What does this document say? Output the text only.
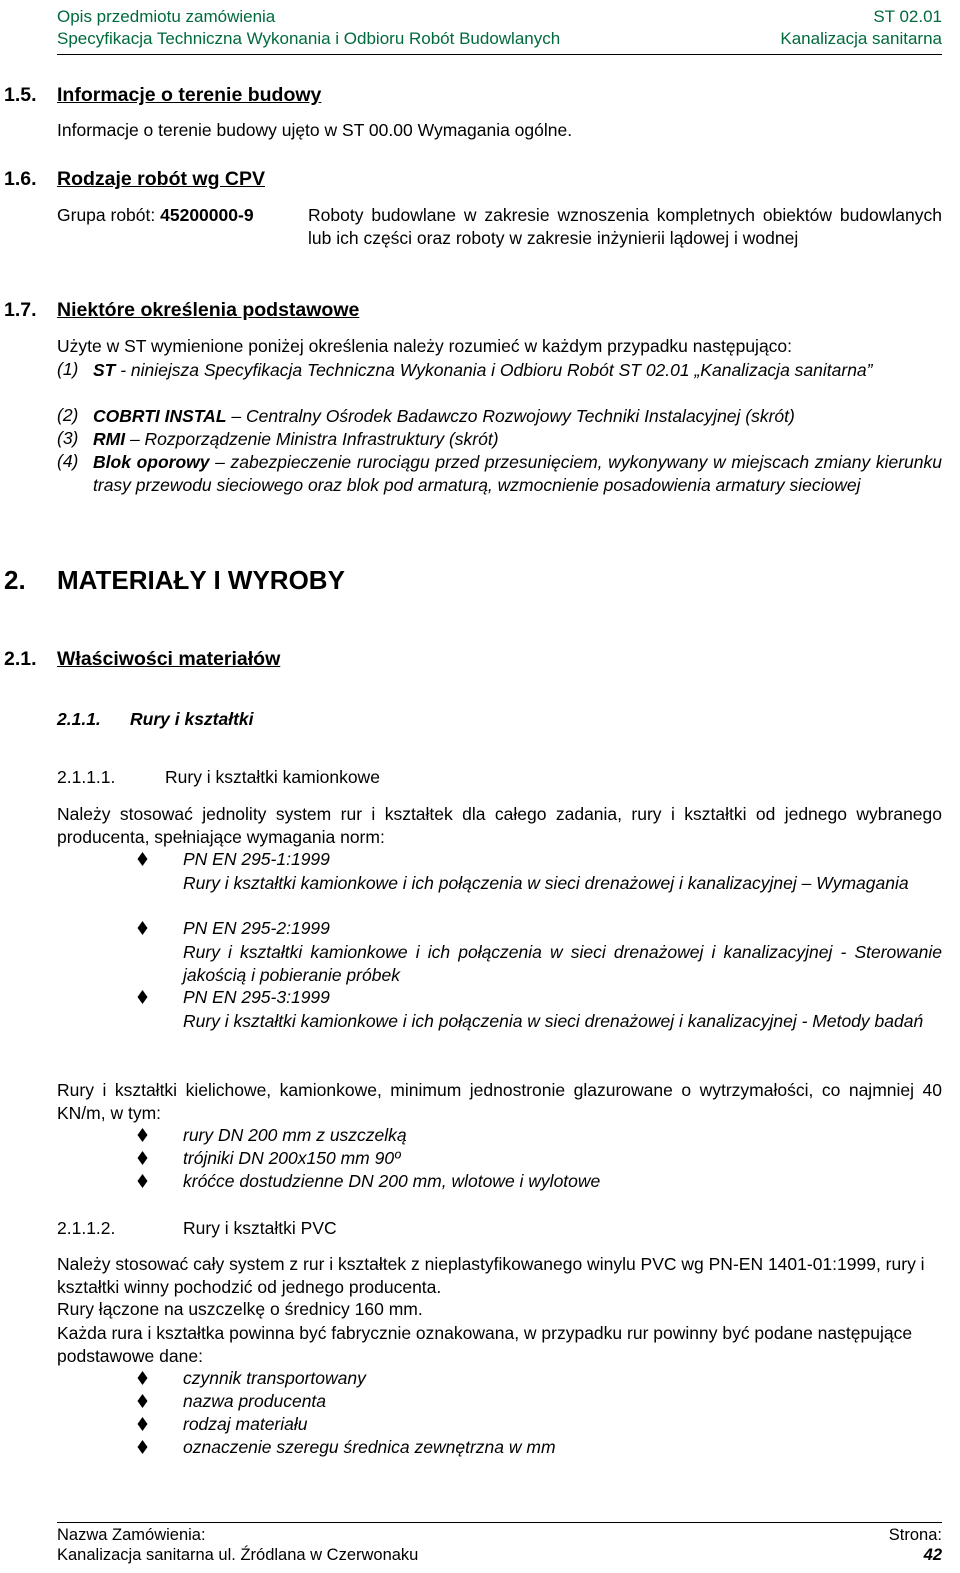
Opis przedmiotu zamówienia
Specyfikacja Techniczna Wykonania i Odbioru Robót Budowlanych
ST 02.01
Kanalizacja sanitarna
1.5. Informacje o terenie budowy
Informacje o terenie budowy ujęto w ST 00.00 Wymagania ogólne.
1.6. Rodzaje robót wg CPV
Grupa robót: 45200000-9	Roboty budowlane w zakresie wznoszenia kompletnych obiektów budowlanych lub ich części oraz roboty w zakresie inżynierii lądowej i wodnej
1.7. Niektóre określenia podstawowe
Użyte w ST wymienione poniżej określenia należy rozumieć w każdym przypadku następująco:
(1) ST - niniejsza Specyfikacja Techniczna Wykonania i Odbioru Robót ST 02.01 „Kanalizacja sanitarna”
(2) COBRTI INSTAL – Centralny Ośrodek Badawczo Rozwojowy Techniki Instalacyjnej (skrót)
(3) RMI – Rozporządzenie Ministra Infrastruktury (skrót)
(4) Blok oporowy – zabezpieczenie rurociągu przed przesunięciem, wykonywany w miejscach zmiany kierunku trasy przewodu sieciowego oraz blok pod armaturą, wzmocnienie posadowienia armatury sieciowej
2. MATERIAŁY I WYROBY
2.1. Właściwości materiałów
2.1.1. Rury i kształtki
2.1.1.1.	Rury i kształtki kamionkowe
Należy stosować jednolity system rur i kształtek dla całego zadania, rury i kształtki od jednego wybranego producenta, spełniające wymagania norm:
PN EN 295-1:1999
Rury i kształtki kamionkowe i ich połączenia w sieci drenażowej i kanalizacyjnej – Wymagania
PN EN 295-2:1999
Rury i kształtki kamionkowe i ich połączenia w sieci drenażowej i kanalizacyjnej - Sterowanie jakością i pobieranie próbek
PN EN 295-3:1999
Rury i kształtki kamionkowe i ich połączenia w sieci drenażowej i kanalizacyjnej - Metody badań
Rury i kształtki kielichowe, kamionkowe, minimum jednostronie glazurowane o wytrzymałości, co najmniej 40 KN/m, w tym:
rury DN 200 mm z uszczelką
trójniki DN 200x150 mm 90º
króćce dostudzienne DN 200 mm, wlotowe i wylotowe
2.1.1.2.	Rury i kształtki PVC
Należy stosować cały system z rur i kształtek z nieplastyfikowanego winylu PVC wg PN-EN 1401-01:1999, rury i kształtki winny pochodzić od jednego producenta.
Rury łączone na uszczelkę o średnicy 160 mm.
Każda rura i kształtka powinna być fabrycznie oznakowana, w przypadku rur powinny być podane następujące podstawowe dane:
czynnik transportowany
nazwa producenta
rodzaj materiału
oznaczenie szeregu średnica zewnętrzna w mm
Nazwa Zamówienia:
Kanalizacja sanitarna ul. Źródlana w Czerwonaku
Strona:
42
